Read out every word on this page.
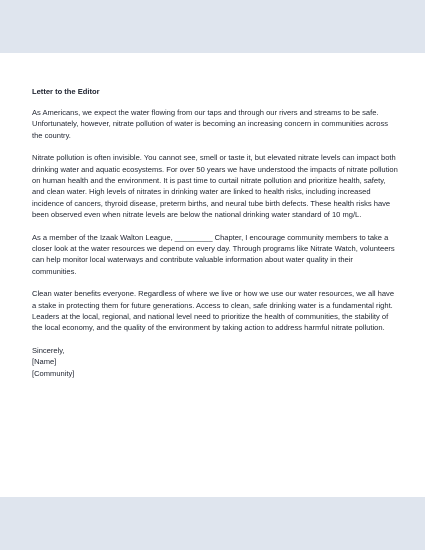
Letter to the Editor

As Americans, we expect the water flowing from our taps and through our rivers and streams to be safe. Unfortunately, however, nitrate pollution of water is becoming an increasing concern in communities across the country.

Nitrate pollution is often invisible. You cannot see, smell or taste it, but elevated nitrate levels can impact both drinking water and aquatic ecosystems. For over 50 years we have understood the impacts of nitrate pollution on human health and the environment. It is past time to curtail nitrate pollution and prioritize health, safety, and clean water. High levels of nitrates in drinking water are linked to health risks, including increased incidence of cancers, thyroid disease, preterm births, and neural tube birth defects. These health risks have been observed even when nitrate levels are below the national drinking water standard of 10 mg/L.

As a member of the Izaak Walton League, _________ Chapter, I encourage community members to take a closer look at the water resources we depend on every day. Through programs like Nitrate Watch, volunteers can help monitor local waterways and contribute valuable information about water quality in their communities.

Clean water benefits everyone. Regardless of where we live or how we use our water resources, we all have a stake in protecting them for future generations. Access to clean, safe drinking water is a fundamental right. Leaders at the local, regional, and national level need to prioritize the health of communities, the stability of the local economy, and the quality of the environment by taking action to address harmful nitrate pollution.

Sincerely,
[Name]
[Community]
